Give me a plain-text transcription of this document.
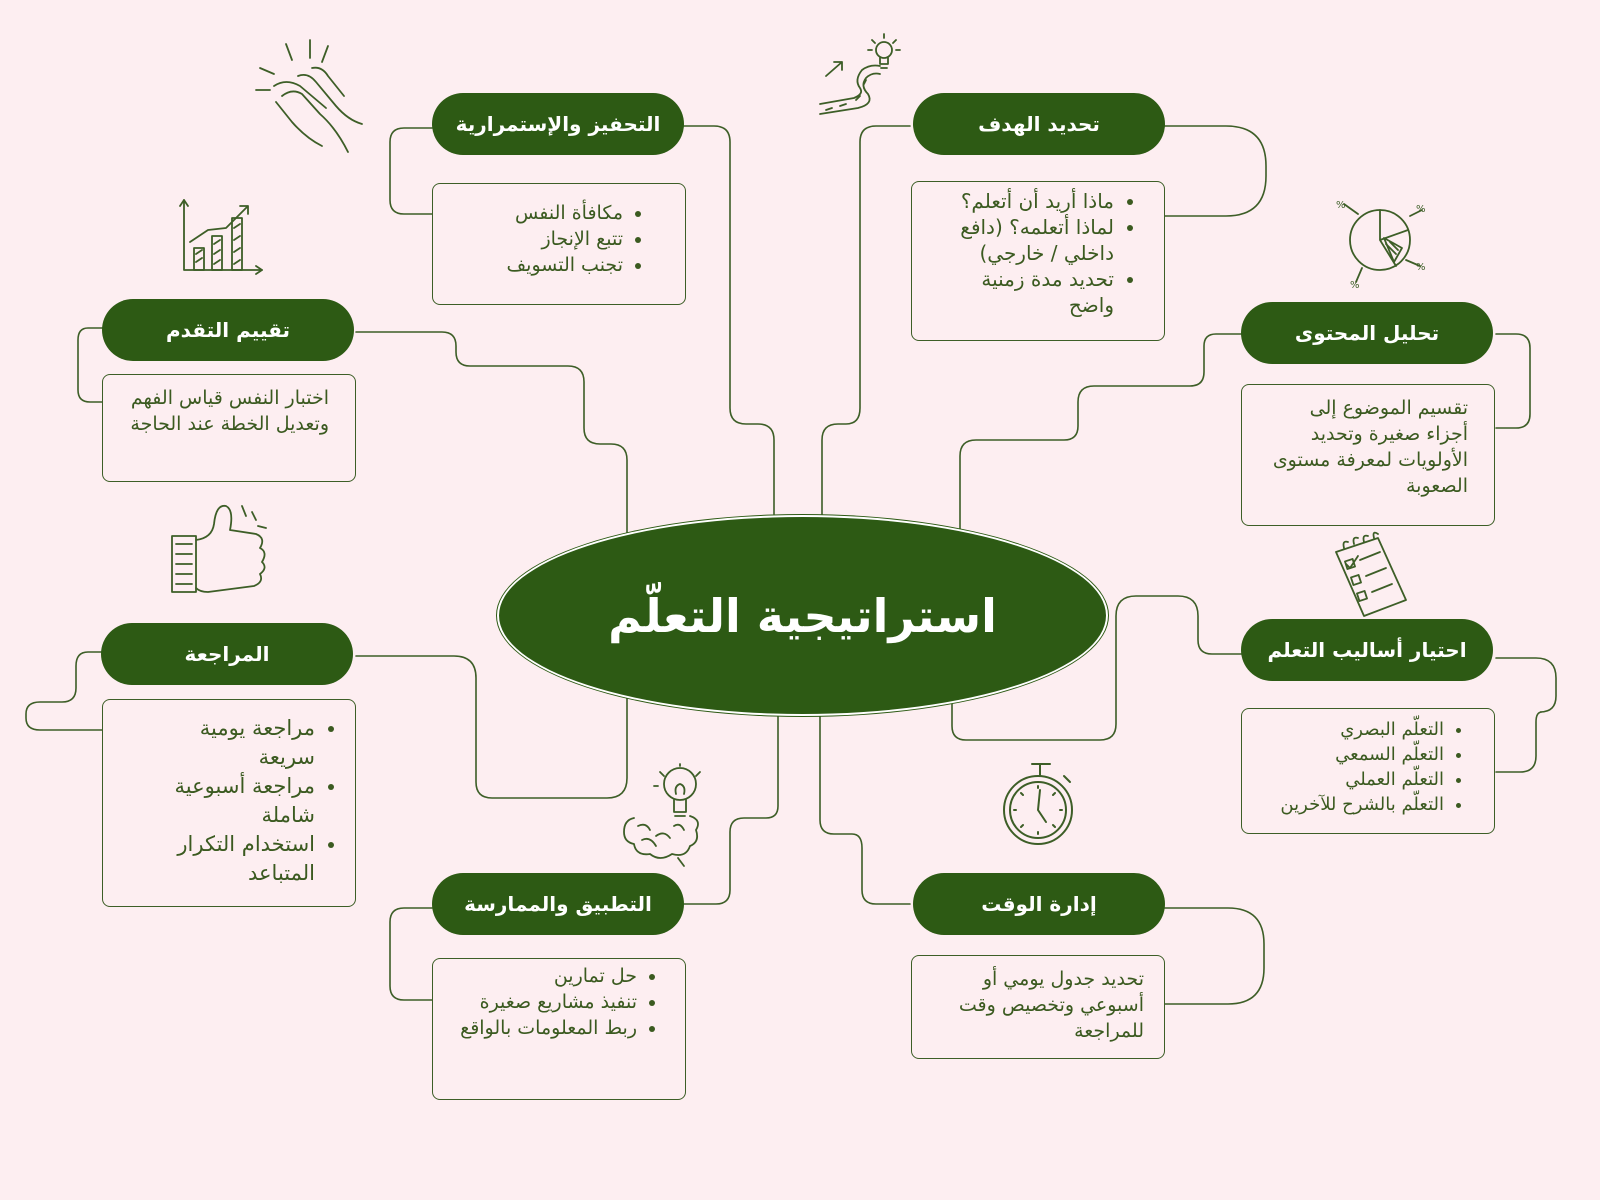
استراتيجية التعلّم
تحديد الهدف
• ماذا أريد أن أتعلم؟
• لماذا أتعلمه؟ (دافع داخلي / خارجي)
• تحديد مدة زمنية واضح
التحفيز والإستمرارية
• مكافأة النفس
• تتبع الإنجاز
• تجنب التسويف
تحليل المحتوى

تقسيم الموضوع إلى أجزاء صغيرة وتحديد الأولويات لمعرفة مستوى الصعوبة

تقييم التقدم

اختبار النفس قياس الفهم وتعديل الخطة عند الحاجة

احتيار أساليب التعلم
• التعلّم البصري
• التعلّم السمعي
• التعلّم العملي
• التعلّم بالشرح للآخرين
المراجعة
• مراجعة يومية سريعة
• مراجعة أسبوعية شاملة
• استخدام التكرار المتباعد
التطبيق والممارسة
• حل تمارين
• تنفيذ مشاريع صغيرة
• ربط المعلومات بالواقع
إدارة الوقت

تحديد جدول يومي أو أسبوعي وتخصيص وقت للمراجعة

%	%
%
%
